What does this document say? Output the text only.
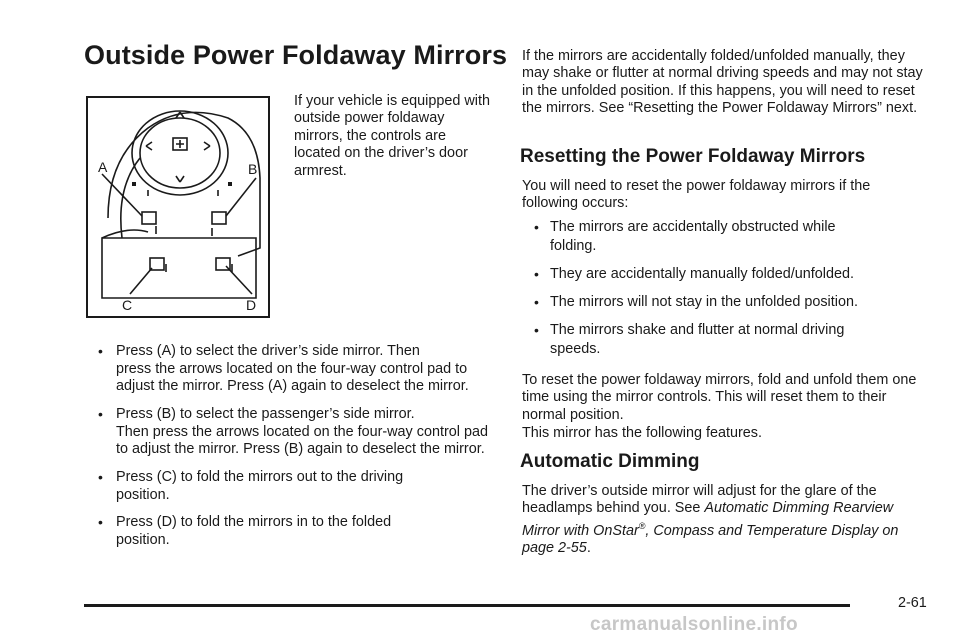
Outside Power Foldaway Mirrors
A	B
C	D

If your vehicle is equipped with outside power foldaway mirrors, the controls are located on the driver’s door armrest.

• Press (A) to select the driver’s side mirror. Then
press the arrows located on the four-way control pad to adjust the mirror. Press (A) again to deselect the mirror.
• Press (B) to select the passenger’s side mirror.
Then press the arrows located on the four-way control pad to adjust the mirror. Press (B) again to deselect the mirror.
• Press (C) to fold the mirrors out to the driving
position.
• Press (D) to fold the mirrors in to the folded
position.

If the mirrors are accidentally folded/unfolded manually, they may shake or flutter at normal driving speeds and may not stay in the unfolded position. If this happens, you will need to reset the mirrors. See “Resetting the Power Foldaway Mirrors” next.

Resetting the Power Foldaway Mirrors

You will need to reset the power foldaway mirrors if the following occurs:

• The mirrors are accidentally obstructed while
folding.
• They are accidentally manually folded/unfolded.
• The mirrors will not stay in the unfolded position.
• The mirrors shake and flutter at normal driving
speeds.

To reset the power foldaway mirrors, fold and unfold them one time using the mirror controls. This will reset them to their normal position.

This mirror has the following features.

Automatic Dimming

The driver’s outside mirror will adjust for the glare of the headlamps behind you. See Automatic Dimming Rearview Mirror with OnStar®, Compass and Temperature Display on page 2-55.

2-61
carmanualsonline.info
